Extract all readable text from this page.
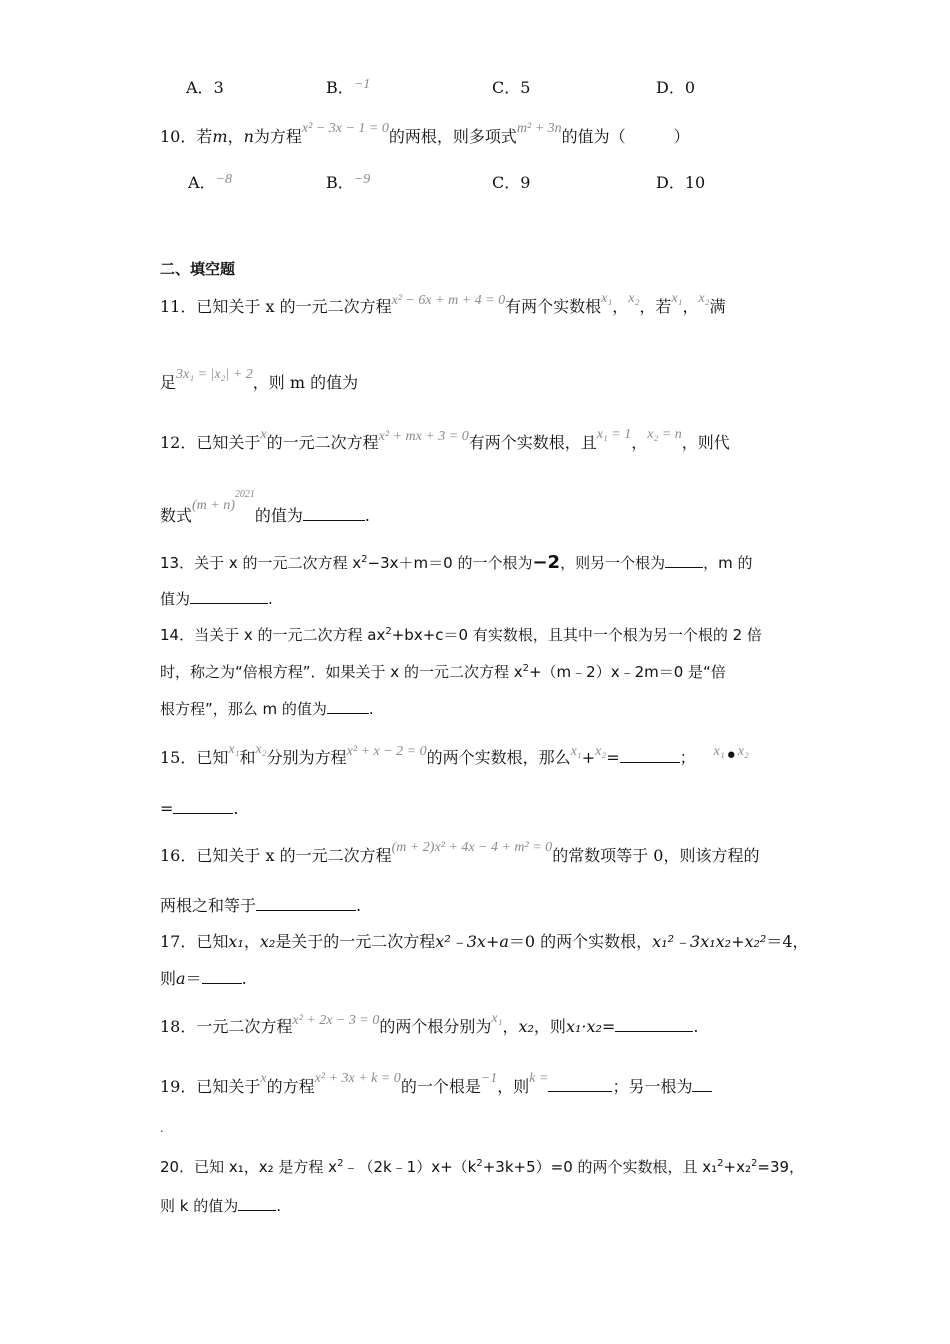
A．3	B．−1	C．5	D．0
10．若m，n为方程x² − 3x − 1 = 0的两根，则多项式m² + 3n的值为（　　　）
A．−8	B．−9	C．9	D．10
二、填空题
11．已知关于 x 的一元二次方程x² − 6x + m + 4 = 0有两个实数根x₁，x₂，若x₁，x₂满
足3x₁ = |x₂| + 2，则 m 的值为
12．已知关于x的一元二次方程x² + mx + 3 = 0有两个实数根，且x₁ = 1，x₂ = n，则代
数式$(m + n)^{2021}$的值为	.
13．关于 x 的一元二次方程 $x^2-3x+m=0$ 的一个根为−2，则另一个根为	，m 的
值为	.
14．当关于 x 的一元二次方程 $ax^2+bx+c=0$ 有实数根，且其中一个根为另一个根的 2 倍
时，称之为“倍根方程”．如果关于 x 的一元二次方程 $x^2+(m﹣2)x﹣2m=0$ 是“倍
根方程”，那么 m 的值为	.
15．已知x₁和x₂分别为方程x² + x − 2 = 0的两个实数根，那么x₁+x₂=	； x₁•x₂
=	.
16．已知关于 x 的一元二次方程(m + 2)x² + 4x − 4 + m² = 0的常数项等于 0，则该方程的
两根之和等于	.
17．已知x₁，x₂是关于的一元二次方程x²﹣3x+a＝0 的两个实数根，x₁²﹣3x₁x₂+x₂²＝4，
则a＝	.
18．一元二次方程x² + 2x − 3 = 0的两个根分别为x₁，x₂，则x₁·x₂=	.
19．已知关于x的方程x² + 3x + k = 0的一个根是−1，则k =	；另一根为
.
20．已知 x₁，x₂ 是方程 $x^2﹣(2k﹣1)x+(k^2+3k+5)=0$ 的两个实数根，且 x₁$^2$+x₂$^2$=39，
则 k 的值为	.
